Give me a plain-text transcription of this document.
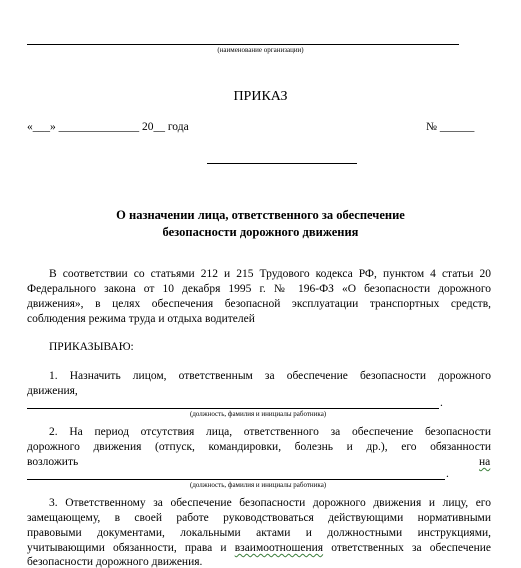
(наименование организации)
ПРИКАЗ
«___» ______________ 20__ года	№ ______
О назначении лица, ответственного за обеспечение
безопасности дорожного движения
В соответствии со статьями 212 и 215 Трудового кодекса РФ, пунктом 4 статьи 20
Федерального закона от 10 декабря 1995 г. № 196-ФЗ «О безопасности дорожного
движения», в целях обеспечения безопасной эксплуатации транспортных средств,
соблюдения режима труда и отдыха водителей
ПРИКАЗЫВАЮ:
1. Назначить лицом, ответственным за обеспечение безопасности дорожного
движения,
.
(должность, фамилия и инициалы работника)
2. На период отсутствия лица, ответственного за обеспечение безопасности
дорожного движения (отпуск, командировки, болезнь и др.), его обязанности
возложить	на
.
(должность, фамилия и инициалы работника)
3. Ответственному за обеспечение безопасности дорожного движения и лицу, его
замещающему, в своей работе руководствоваться действующими нормативными
правовыми документами, локальными актами и должностными инструкциями,
учитывающими обязанности, права и взаимоотношения ответственных за обеспечение
безопасности дорожного движения.
